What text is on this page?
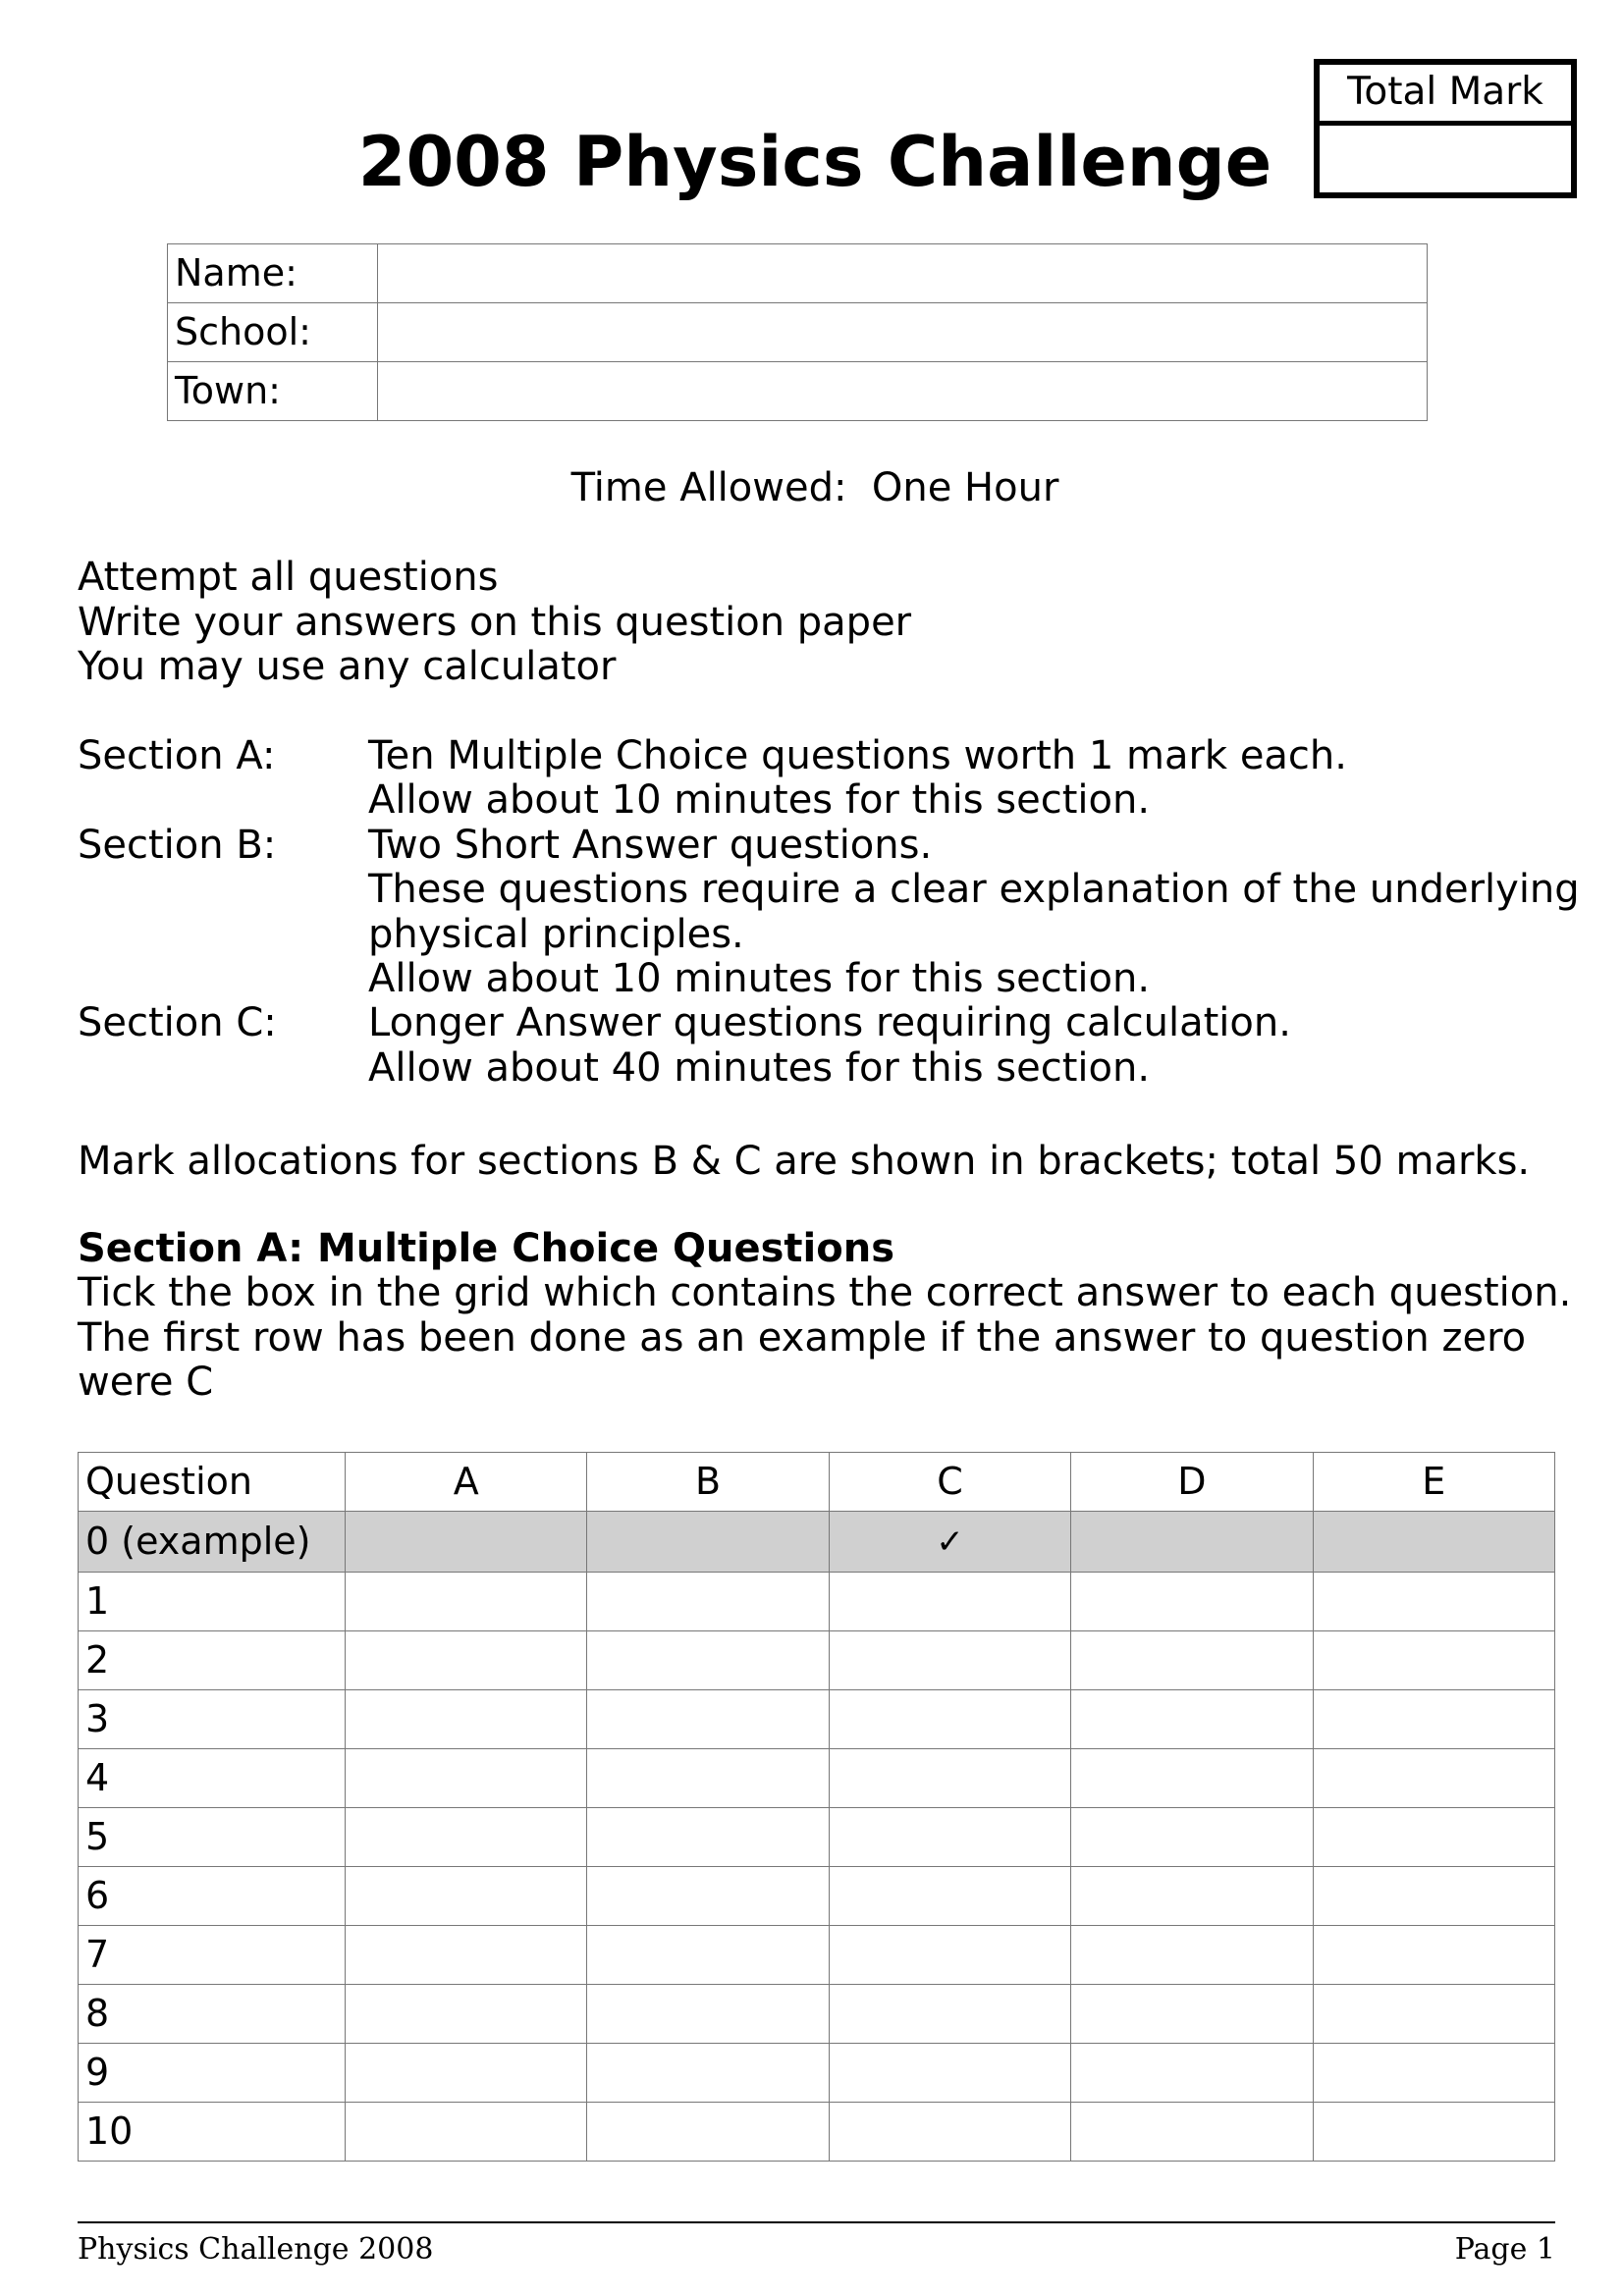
2008 Physics Challenge
Total Mark
Name:	
School:	
Town:	
Time Allowed:  One Hour
Attempt all questions
Write your answers on this question paper
You may use any calculator
Section A:	Ten Multiple Choice questions worth 1 mark each.
Allow about 10 minutes for this section.
Section B:	Two Short Answer questions.
These questions require a clear explanation of the underlying
physical principles.
Allow about 10 minutes for this section.
Section C:	Longer Answer questions requiring calculation.
Allow about 40 minutes for this section.
Mark allocations for sections B & C are shown in brackets; total 50 marks.
Section A: Multiple Choice Questions
Tick the box in the grid which contains the correct answer to each question.
The first row has been done as an example if the answer to question zero
were C
Question	A	B	C	D	E
0 (example)			✓		
1					
2					
3					
4					
5					
6					
7					
8					
9					
10					
Physics Challenge 2008	Page 1
